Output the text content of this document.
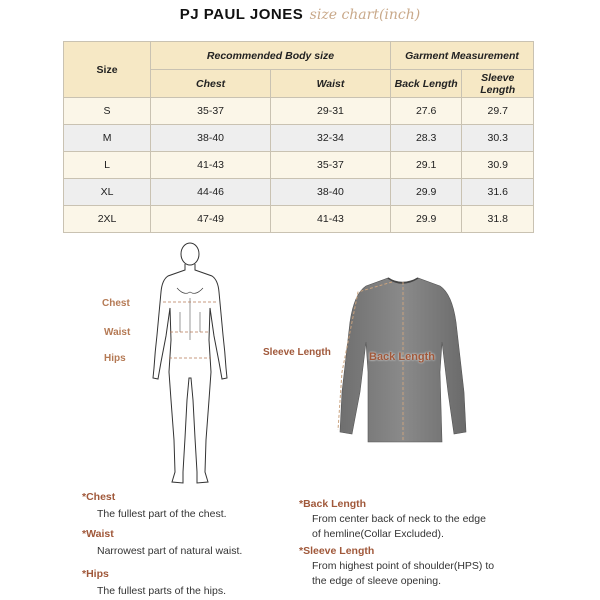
PJ PAUL JONES size chart(inch)
Size	Recommended Body size		Garment Measurement	
	Chest	Waist	Back Length	Sleeve Length
S	35-37	29-31	27.6	29.7
M	38-40	32-34	28.3	30.3
L	41-43	35-37	29.1	30.9
XL	44-46	38-40	29.9	31.6
2XL	47-49	41-43	29.9	31.8
Chest
Waist
Hips
Sleeve Length	Back Length
*Chest
The fullest part of the chest.
*Waist
Narrowest part of natural waist.
*Hips
The fullest parts of the hips.
*Back Length
From center back of neck to the edge
of hemline(Collar Excluded).
*Sleeve Length
From highest point of shoulder(HPS) to
the edge of sleeve opening.
